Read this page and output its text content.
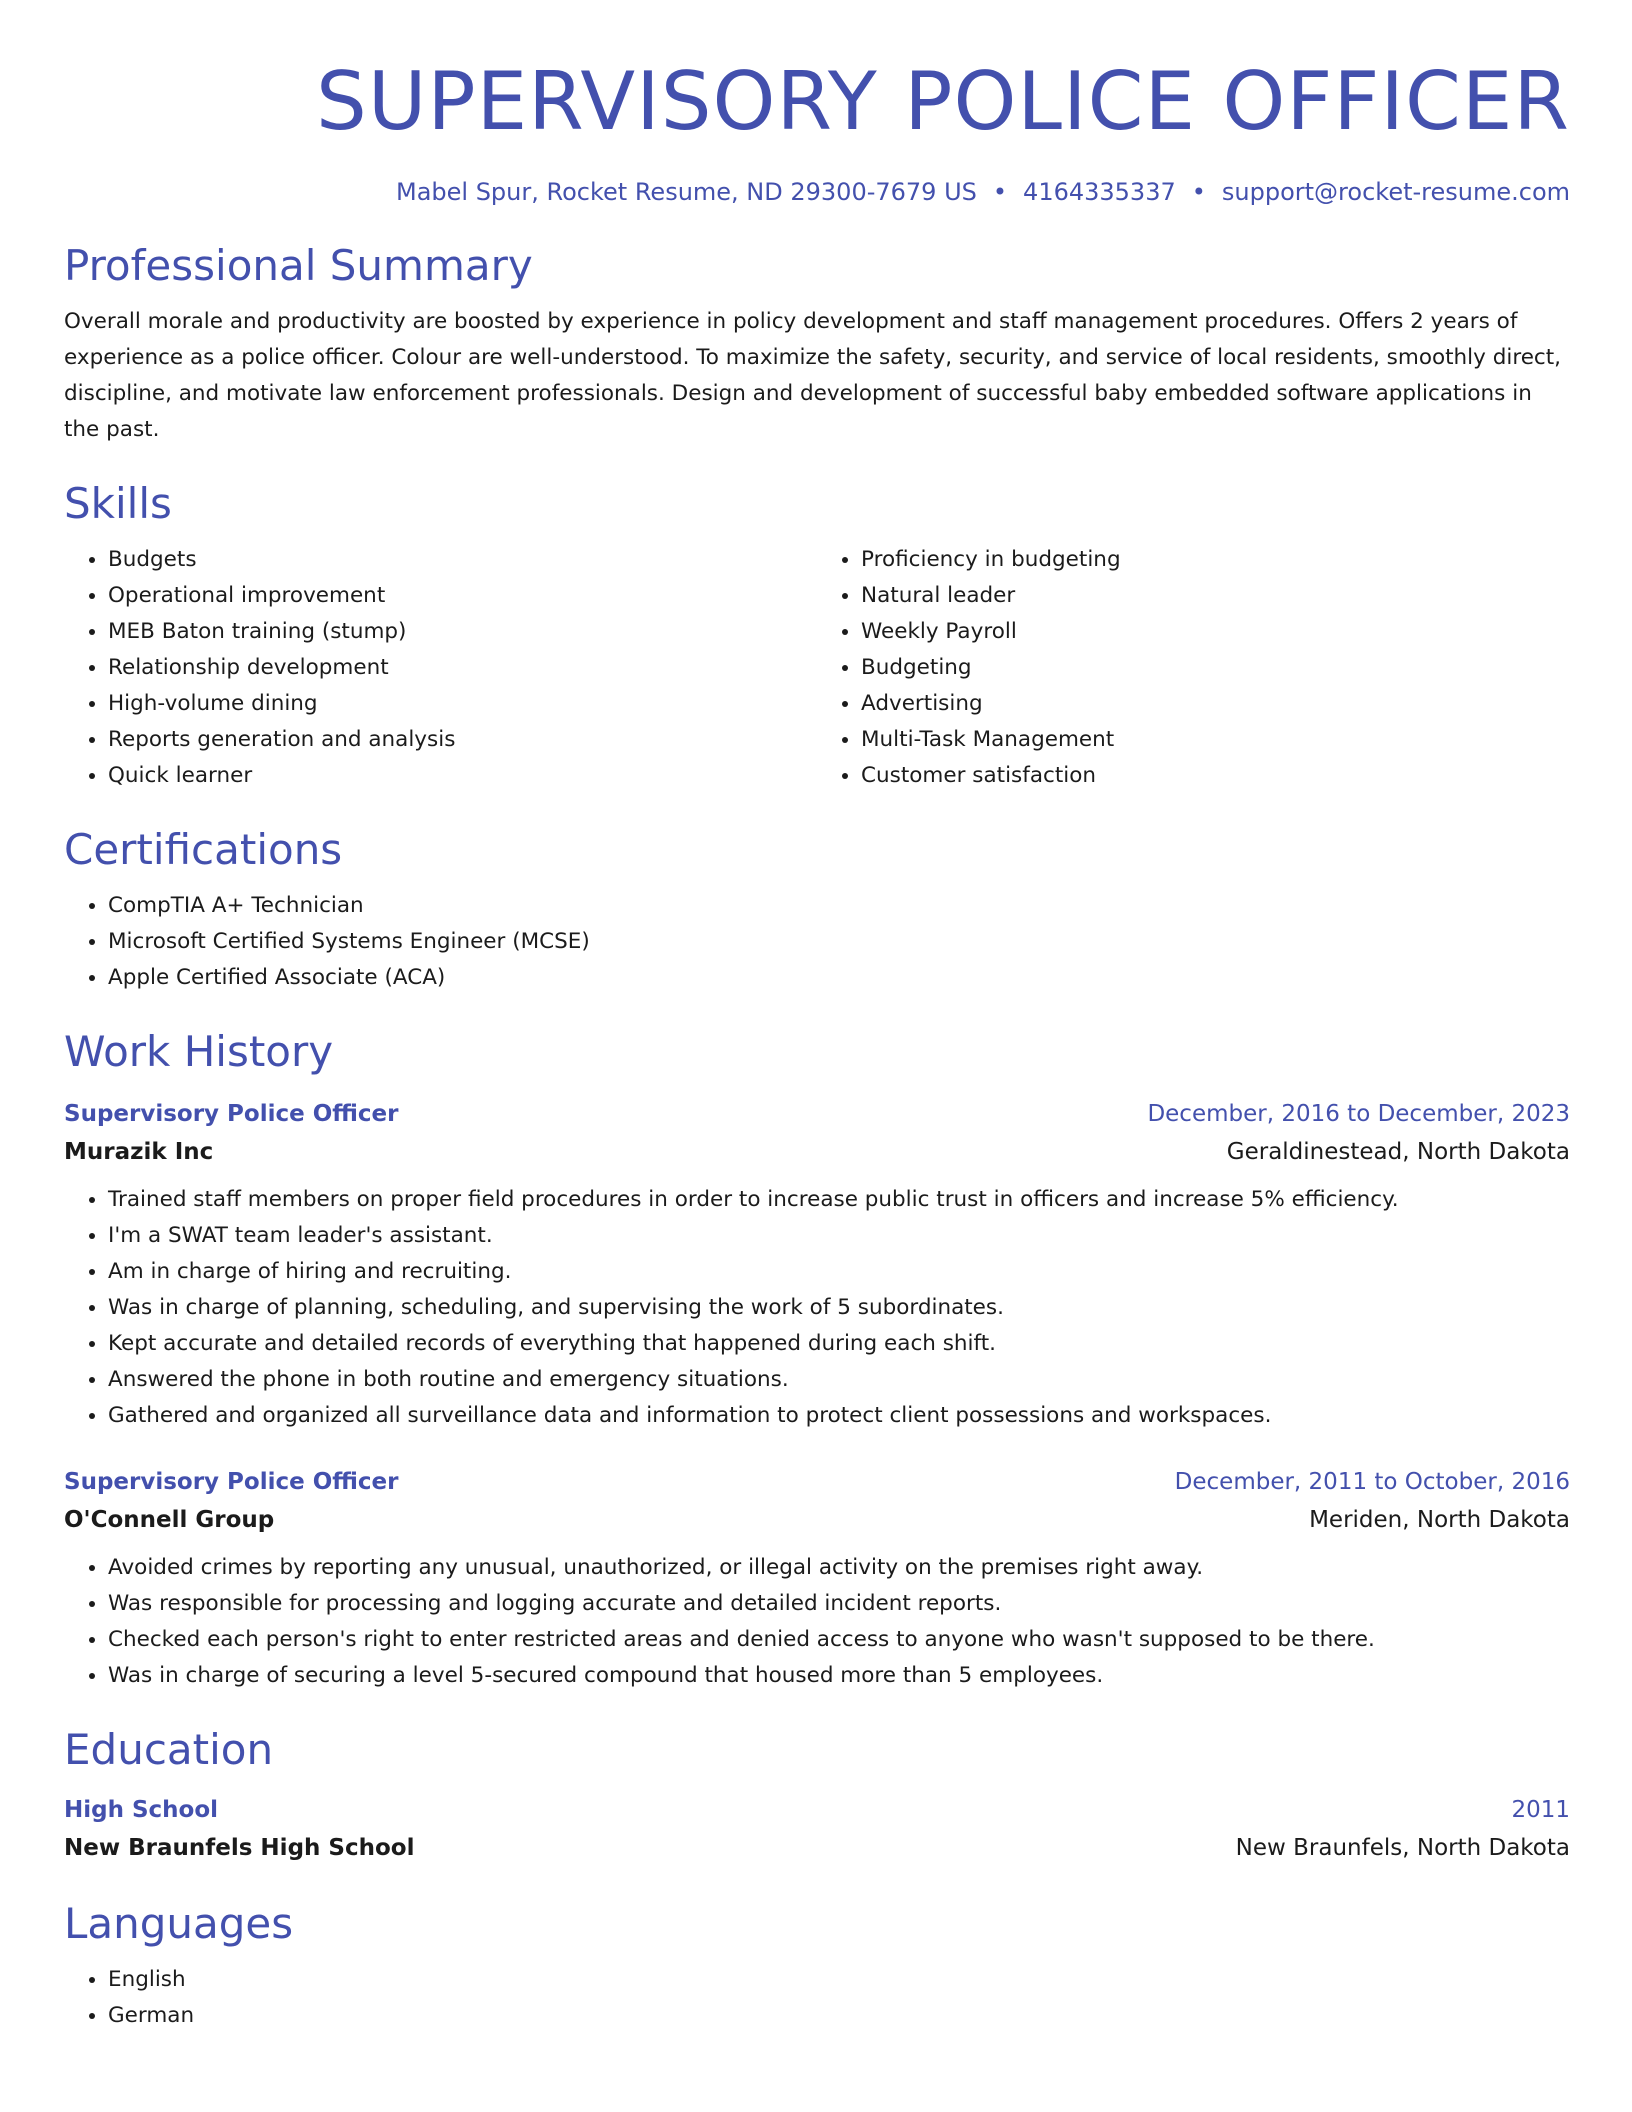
SUPERVISORY POLICE OFFICER
Mabel Spur, Rocket Resume, ND 29300-7679 US • 4164335337 • support@rocket-resume.com
Professional Summary

Overall morale and productivity are boosted by experience in policy development and staff management procedures. Offers 2 years of experience as a police officer. Colour are well-understood. To maximize the safety, security, and service of local residents, smoothly direct, discipline, and motivate law enforcement professionals. Design and development of successful baby embedded software applications in the past.

Skills
• Budgets
• Operational improvement
• MEB Baton training (stump)
• Relationship development
• High-volume dining
• Reports generation and analysis
• Quick learner
• Proficiency in budgeting
• Natural leader
• Weekly Payroll
• Budgeting
• Advertising
• Multi-Task Management
• Customer satisfaction
Certifications
• CompTIA A+ Technician
• Microsoft Certified Systems Engineer (MCSE)
• Apple Certified Associate (ACA)
Work History
Supervisory Police Officer	December, 2016 to December, 2023
Murazik Inc	Geraldinestead, North Dakota
• Trained staff members on proper field procedures in order to increase public trust in officers and increase 5% efficiency.
• I'm a SWAT team leader's assistant.
• Am in charge of hiring and recruiting.
• Was in charge of planning, scheduling, and supervising the work of 5 subordinates.
• Kept accurate and detailed records of everything that happened during each shift.
• Answered the phone in both routine and emergency situations.
• Gathered and organized all surveillance data and information to protect client possessions and workspaces.
Supervisory Police Officer	December, 2011 to October, 2016
O'Connell Group	Meriden, North Dakota
• Avoided crimes by reporting any unusual, unauthorized, or illegal activity on the premises right away.
• Was responsible for processing and logging accurate and detailed incident reports.
• Checked each person's right to enter restricted areas and denied access to anyone who wasn't supposed to be there.
• Was in charge of securing a level 5-secured compound that housed more than 5 employees.
Education
High School	2011
New Braunfels High School	New Braunfels, North Dakota
Languages
• English
• German
